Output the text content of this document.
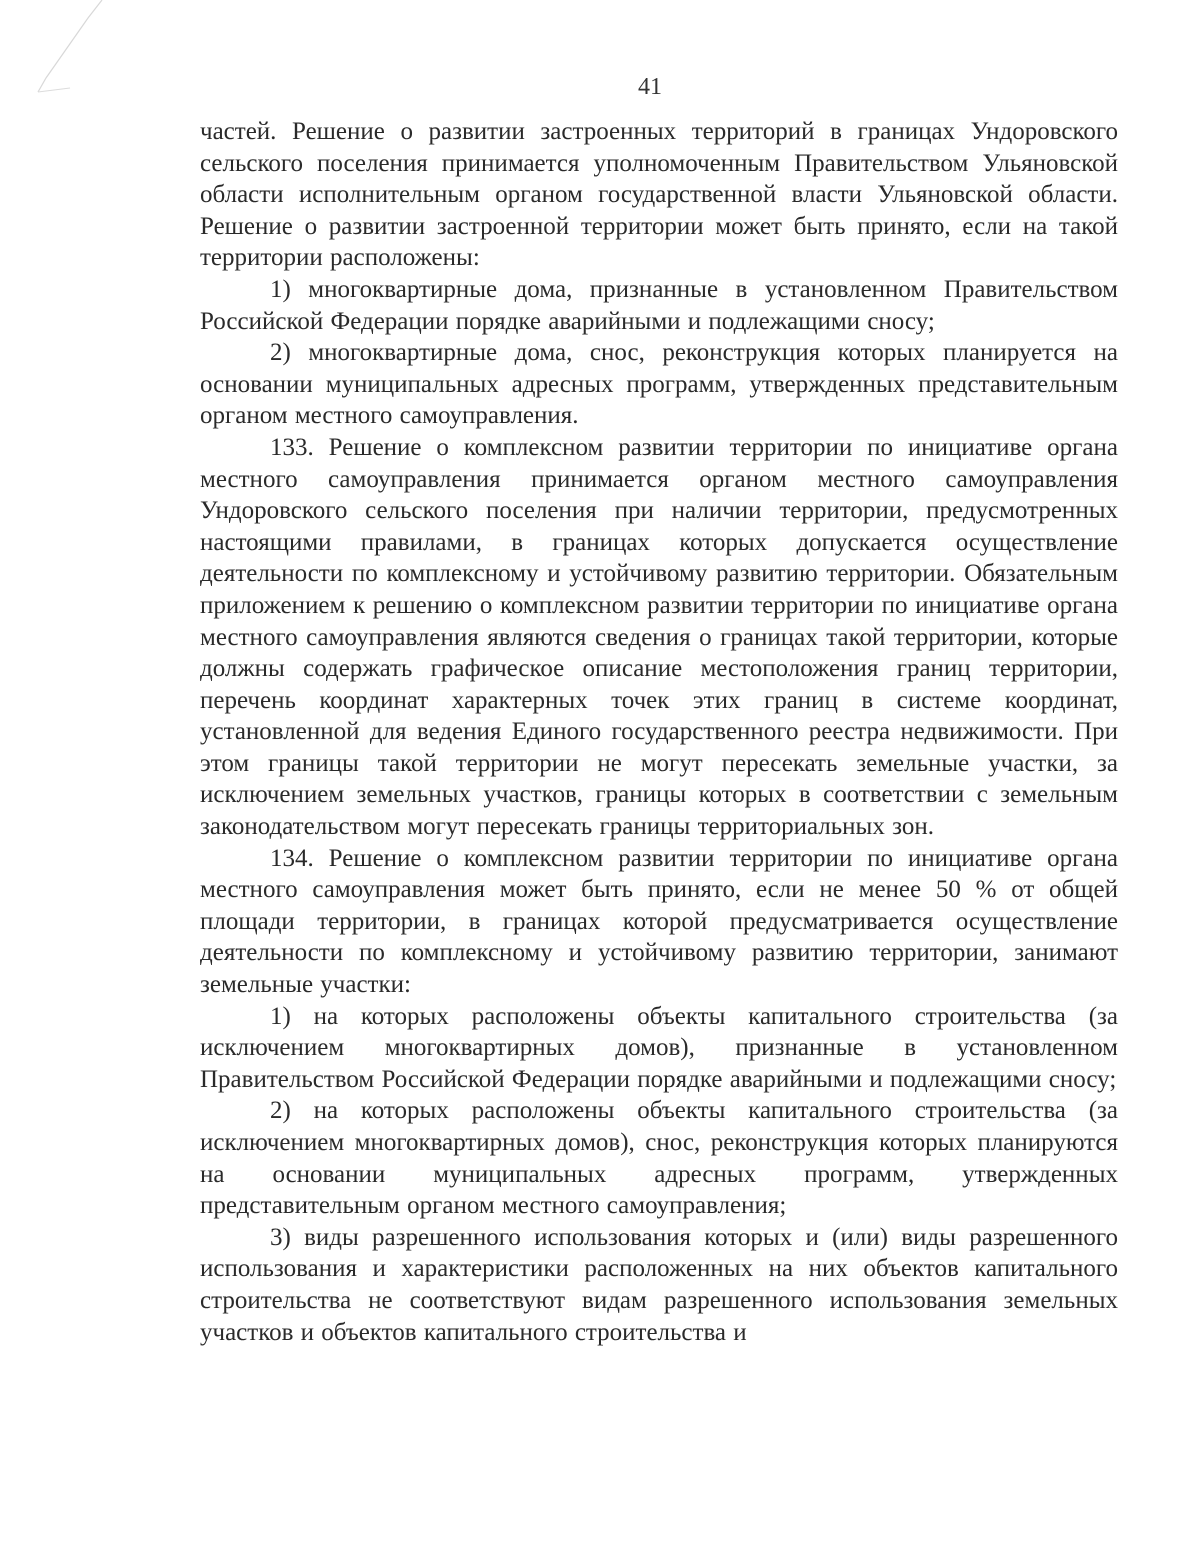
41

частей. Решение о развитии застроенных территорий в границах Ундоровского сельского поселения принимается уполномоченным Правительством Ульяновской области исполнительным органом государственной власти Ульяновской области. Решение о развитии застроенной территории может быть принято, если на такой территории расположены:

1) многоквартирные дома, признанные в установленном Правительством Российской Федерации порядке аварийными и подлежащими сносу;

2) многоквартирные дома, снос, реконструкция которых планируется на основании муниципальных адресных программ, утвержденных представительным органом местного самоуправления.

133. Решение о комплексном развитии территории по инициативе органа местного самоуправления принимается органом местного самоуправления Ундоровского сельского поселения при наличии территории, предусмотренных настоящими правилами, в границах которых допускается осуществление деятельности по комплексному и устойчивому развитию территории. Обязательным приложением к решению о комплексном развитии территории по инициативе органа местного самоуправления являются сведения о границах такой территории, которые должны содержать графическое описание местоположения границ территории, перечень координат характерных точек этих границ в системе координат, установленной для ведения Единого государственного реестра недвижимости. При этом границы такой территории не могут пересекать земельные участки, за исключением земельных участков, границы которых в соответствии с земельным законодательством могут пересекать границы территориальных зон.

134. Решение о комплексном развитии территории по инициативе органа местного самоуправления может быть принято, если не менее 50 % от общей площади территории, в границах которой предусматривается осуществление деятельности по комплексному и устойчивому развитию территории, занимают земельные участки:

1) на которых расположены объекты капитального строительства (за исключением многоквартирных домов), признанные в установленном Правительством Российской Федерации порядке аварийными и подлежащими сносу;

2) на которых расположены объекты капитального строительства (за исключением многоквартирных домов), снос, реконструкция которых планируются на основании муниципальных адресных программ, утвержденных представительным органом местного самоуправления;

3) виды разрешенного использования которых и (или) виды разрешенного использования и характеристики расположенных на них объектов капитального строительства не соответствуют видам разрешенного использования земельных участков и объектов капитального строительства и
